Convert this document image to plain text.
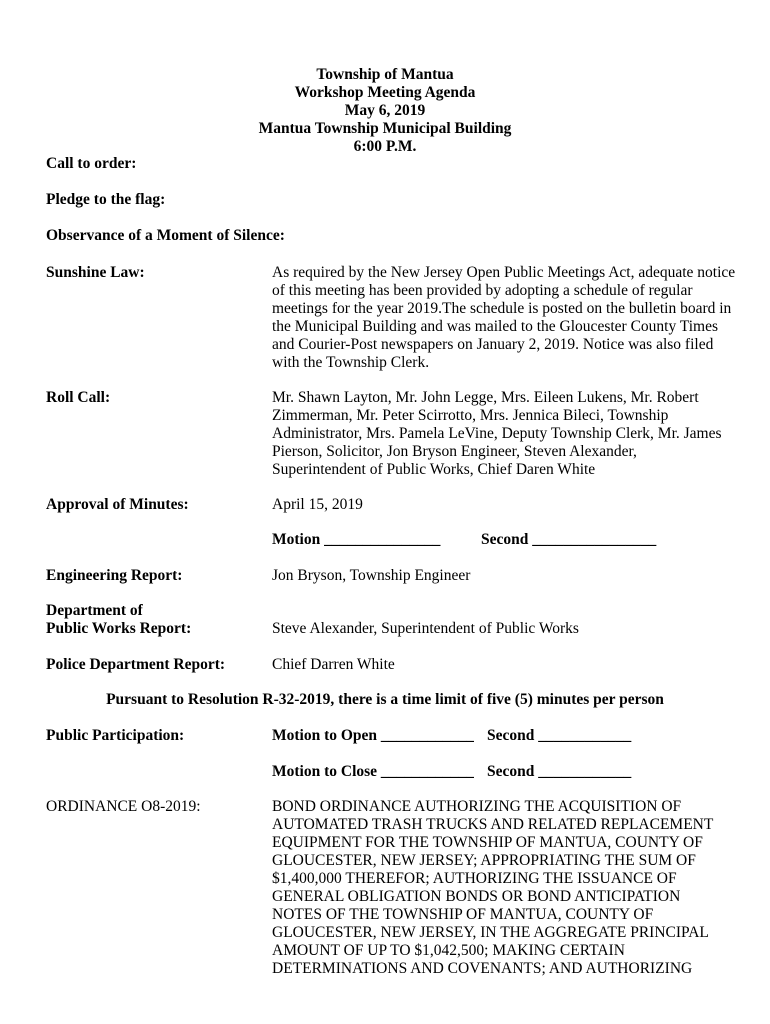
Township of Mantua
Workshop Meeting Agenda
May 6, 2019
Mantua Township Municipal Building
6:00 P.M.
Call to order:
Pledge to the flag:
Observance of a Moment of Silence:
Sunshine Law:	As required by the New Jersey Open Public Meetings Act, adequate notice
of this meeting has been provided by adopting a schedule of regular
meetings for the year 2019.The schedule is posted on the bulletin board in
the Municipal Building and was mailed to the Gloucester County Times
and Courier-Post newspapers on January 2, 2019. Notice was also filed
with the Township Clerk.
Roll Call:	Mr. Shawn Layton, Mr. John Legge, Mrs. Eileen Lukens, Mr. Robert
Zimmerman, Mr. Peter Scirrotto, Mrs. Jennica Bileci, Township
Administrator, Mrs. Pamela LeVine, Deputy Township Clerk, Mr. James
Pierson, Solicitor, Jon Bryson Engineer, Steven Alexander,
Superintendent of Public Works, Chief Daren White
Approval of Minutes:	April 15, 2019
Motion _______________	Second ________________
Engineering Report:	Jon Bryson, Township Engineer
Department of
Public Works Report:	Steve Alexander, Superintendent of Public Works
Police Department Report:	Chief Darren White
Pursuant to Resolution R-32-2019, there is a time limit of five (5) minutes per person
Public Participation:	Motion to Open ____________ Second ____________
Motion to Close ____________ Second ____________
ORDINANCE O8-2019:	BOND ORDINANCE AUTHORIZING THE ACQUISITION OF
AUTOMATED TRASH TRUCKS AND RELATED REPLACEMENT
EQUIPMENT FOR THE TOWNSHIP OF MANTUA, COUNTY OF
GLOUCESTER, NEW JERSEY; APPROPRIATING THE SUM OF
$1,400,000 THEREFOR; AUTHORIZING THE ISSUANCE OF
GENERAL OBLIGATION BONDS OR BOND ANTICIPATION
NOTES OF THE TOWNSHIP OF MANTUA, COUNTY OF
GLOUCESTER, NEW JERSEY, IN THE AGGREGATE PRINCIPAL
AMOUNT OF UP TO $1,042,500; MAKING CERTAIN
DETERMINATIONS AND COVENANTS; AND AUTHORIZING
